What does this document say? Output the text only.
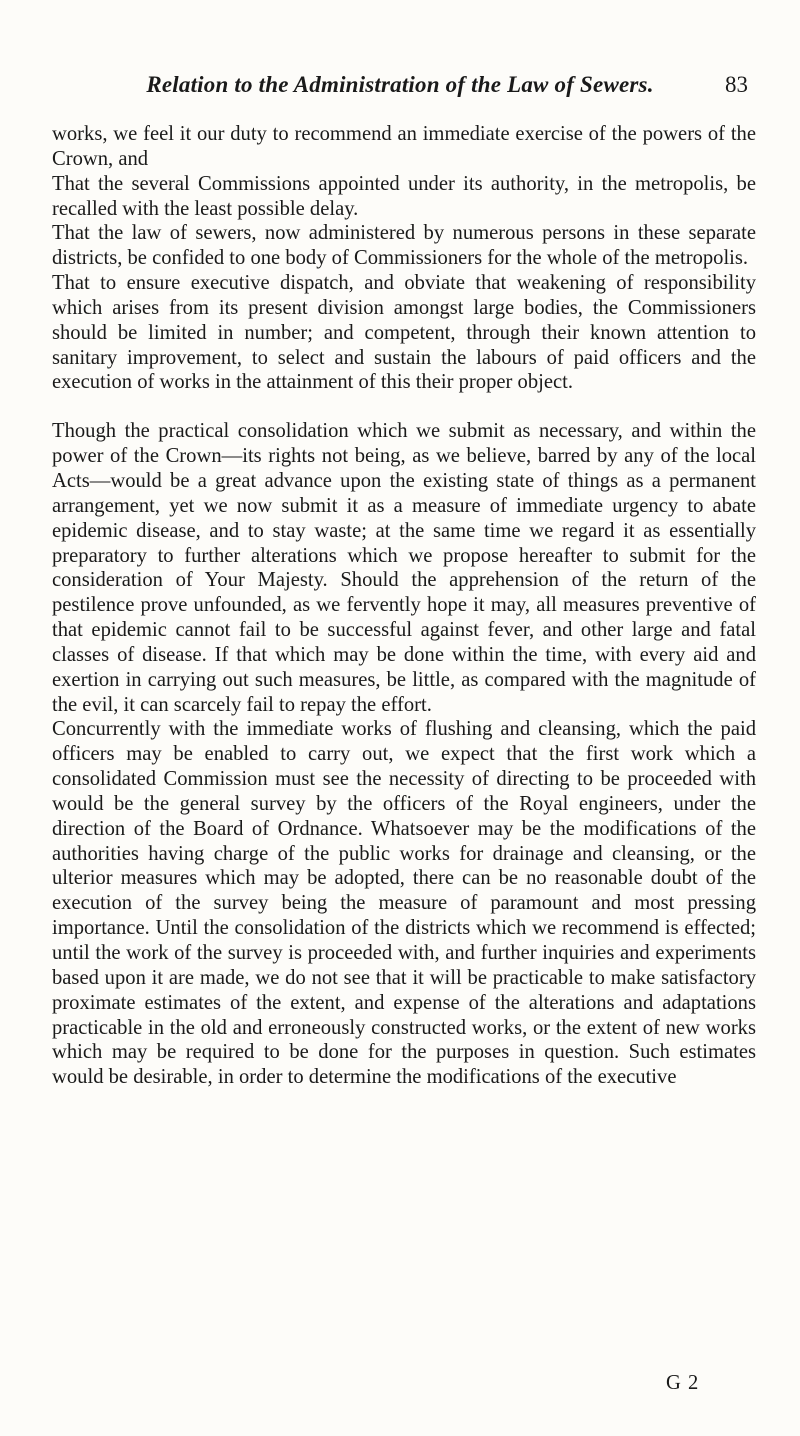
Relation to the Administration of the Law of Sewers.	83

works, we feel it our duty to recommend an immediate exercise of the powers of the Crown, and

That the several Commissions appointed under its authority, in the metropolis, be recalled with the least possible delay.

That the law of sewers, now administered by numerous persons in these separate districts, be confided to one body of Commissioners for the whole of the metropolis.

That to ensure executive dispatch, and obviate that weakening of responsibility which arises from its present division amongst large bodies, the Commissioners should be limited in number; and competent, through their known attention to sanitary improvement, to select and sustain the labours of paid officers and the execution of works in the attainment of this their proper object.

Though the practical consolidation which we submit as necessary, and within the power of the Crown—its rights not being, as we believe, barred by any of the local Acts—would be a great advance upon the existing state of things as a permanent arrangement, yet we now submit it as a measure of immediate urgency to abate epidemic disease, and to stay waste; at the same time we regard it as essentially preparatory to further alterations which we propose hereafter to submit for the consideration of Your Majesty. Should the apprehension of the return of the pestilence prove unfounded, as we fervently hope it may, all measures preventive of that epidemic cannot fail to be successful against fever, and other large and fatal classes of disease. If that which may be done within the time, with every aid and exertion in carrying out such measures, be little, as compared with the magnitude of the evil, it can scarcely fail to repay the effort.

Concurrently with the immediate works of flushing and cleansing, which the paid officers may be enabled to carry out, we expect that the first work which a consolidated Commission must see the necessity of directing to be proceeded with would be the general survey by the officers of the Royal engineers, under the direction of the Board of Ordnance. Whatsoever may be the modifications of the authorities having charge of the public works for drainage and cleansing, or the ulterior measures which may be adopted, there can be no reasonable doubt of the execution of the survey being the measure of paramount and most pressing importance. Until the consolidation of the districts which we recommend is effected; until the work of the survey is proceeded with, and further inquiries and experiments based upon it are made, we do not see that it will be practicable to make satisfactory proximate estimates of the extent, and expense of the alterations and adaptations practicable in the old and erroneously constructed works, or the extent of new works which may be required to be done for the purposes in question. Such estimates would be desirable, in order to determine the modifications of the executive

G 2
